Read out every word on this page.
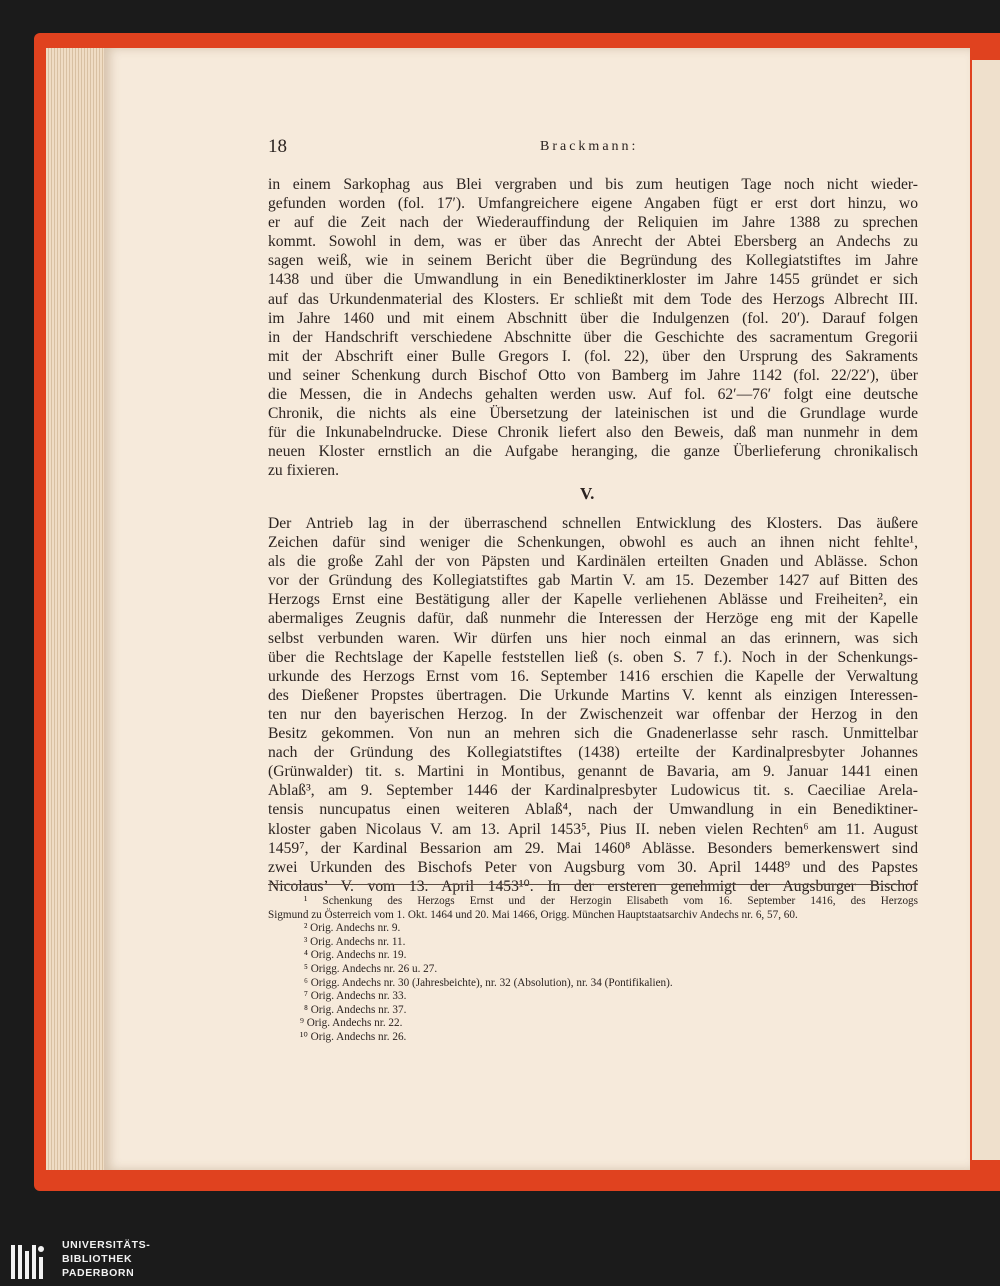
18	Brackmann:
in einem Sarkophag aus Blei vergraben und bis zum heutigen Tage noch nicht wieder-
gefunden worden (fol. 17′). Umfangreichere eigene Angaben fügt er erst dort hinzu, wo
er auf die Zeit nach der Wiederauffindung der Reliquien im Jahre 1388 zu sprechen
kommt. Sowohl in dem, was er über das Anrecht der Abtei Ebersberg an Andechs zu
sagen weiß, wie in seinem Bericht über die Begründung des Kollegiatstiftes im Jahre
1438 und über die Umwandlung in ein Benediktinerkloster im Jahre 1455 gründet er sich
auf das Urkundenmaterial des Klosters. Er schließt mit dem Tode des Herzogs Albrecht III.
im Jahre 1460 und mit einem Abschnitt über die Indulgenzen (fol. 20′). Darauf folgen
in der Handschrift verschiedene Abschnitte über die Geschichte des sacramentum Gregorii
mit der Abschrift einer Bulle Gregors I. (fol. 22), über den Ursprung des Sakraments
und seiner Schenkung durch Bischof Otto von Bamberg im Jahre 1142 (fol. 22/22′), über
die Messen, die in Andechs gehalten werden usw. Auf fol. 62′—76′ folgt eine deutsche
Chronik, die nichts als eine Übersetzung der lateinischen ist und die Grundlage wurde
für die Inkunabelndrucke. Diese Chronik liefert also den Beweis, daß man nunmehr in dem
neuen Kloster ernstlich an die Aufgabe heranging, die ganze Überlieferung chronikalisch
zu fixieren.
V.
Der Antrieb lag in der überraschend schnellen Entwicklung des Klosters. Das äußere
Zeichen dafür sind weniger die Schenkungen, obwohl es auch an ihnen nicht fehlte¹,
als die große Zahl der von Päpsten und Kardinälen erteilten Gnaden und Ablässe. Schon
vor der Gründung des Kollegiatstiftes gab Martin V. am 15. Dezember 1427 auf Bitten des
Herzogs Ernst eine Bestätigung aller der Kapelle verliehenen Ablässe und Freiheiten², ein
abermaliges Zeugnis dafür, daß nunmehr die Interessen der Herzöge eng mit der Kapelle
selbst verbunden waren. Wir dürfen uns hier noch einmal an das erinnern, was sich
über die Rechtslage der Kapelle feststellen ließ (s. oben S. 7 f.). Noch in der Schenkungs-
urkunde des Herzogs Ernst vom 16. September 1416 erschien die Kapelle der Verwaltung
des Dießener Propstes übertragen. Die Urkunde Martins V. kennt als einzigen Interessen-
ten nur den bayerischen Herzog. In der Zwischenzeit war offenbar der Herzog in den
Besitz gekommen. Von nun an mehren sich die Gnadenerlasse sehr rasch. Unmittelbar
nach der Gründung des Kollegiatstiftes (1438) erteilte der Kardinalpresbyter Johannes
(Grünwalder) tit. s. Martini in Montibus, genannt de Bavaria, am 9. Januar 1441 einen
Ablaß³, am 9. September 1446 der Kardinalpresbyter Ludowicus tit. s. Caeciliae Arela-
tensis nuncupatus einen weiteren Ablaß⁴, nach der Umwandlung in ein Benediktiner-
kloster gaben Nicolaus V. am 13. April 1453⁵, Pius II. neben vielen Rechten⁶ am 11. August
1459⁷, der Kardinal Bessarion am 29. Mai 1460⁸ Ablässe. Besonders bemerkenswert sind
zwei Urkunden des Bischofs Peter von Augsburg vom 30. April 1448⁹ und des Papstes
Nicolaus’ V. vom 13. April 1453¹⁰. In der ersteren genehmigt der Augsburger Bischof
¹ Schenkung des Herzogs Ernst und der Herzogin Elisabeth vom 16. September 1416, des Herzogs
Sigmund zu Österreich vom 1. Okt. 1464 und 20. Mai 1466, Origg. München Hauptstaatsarchiv Andechs nr. 6, 57, 60.
² Orig. Andechs nr. 9.
³ Orig. Andechs nr. 11.
⁴ Orig. Andechs nr. 19.
⁵ Origg. Andechs nr. 26 u. 27.
⁶ Origg. Andechs nr. 30 (Jahresbeichte), nr. 32 (Absolution), nr. 34 (Pontifikalien).
⁷ Orig. Andechs nr. 33.
⁸ Orig. Andechs nr. 37.
⁹ Orig. Andechs nr. 22.
¹⁰ Orig. Andechs nr. 26.
UNIVERSITÄTS-
BIBLIOTHEK
PADERBORN
